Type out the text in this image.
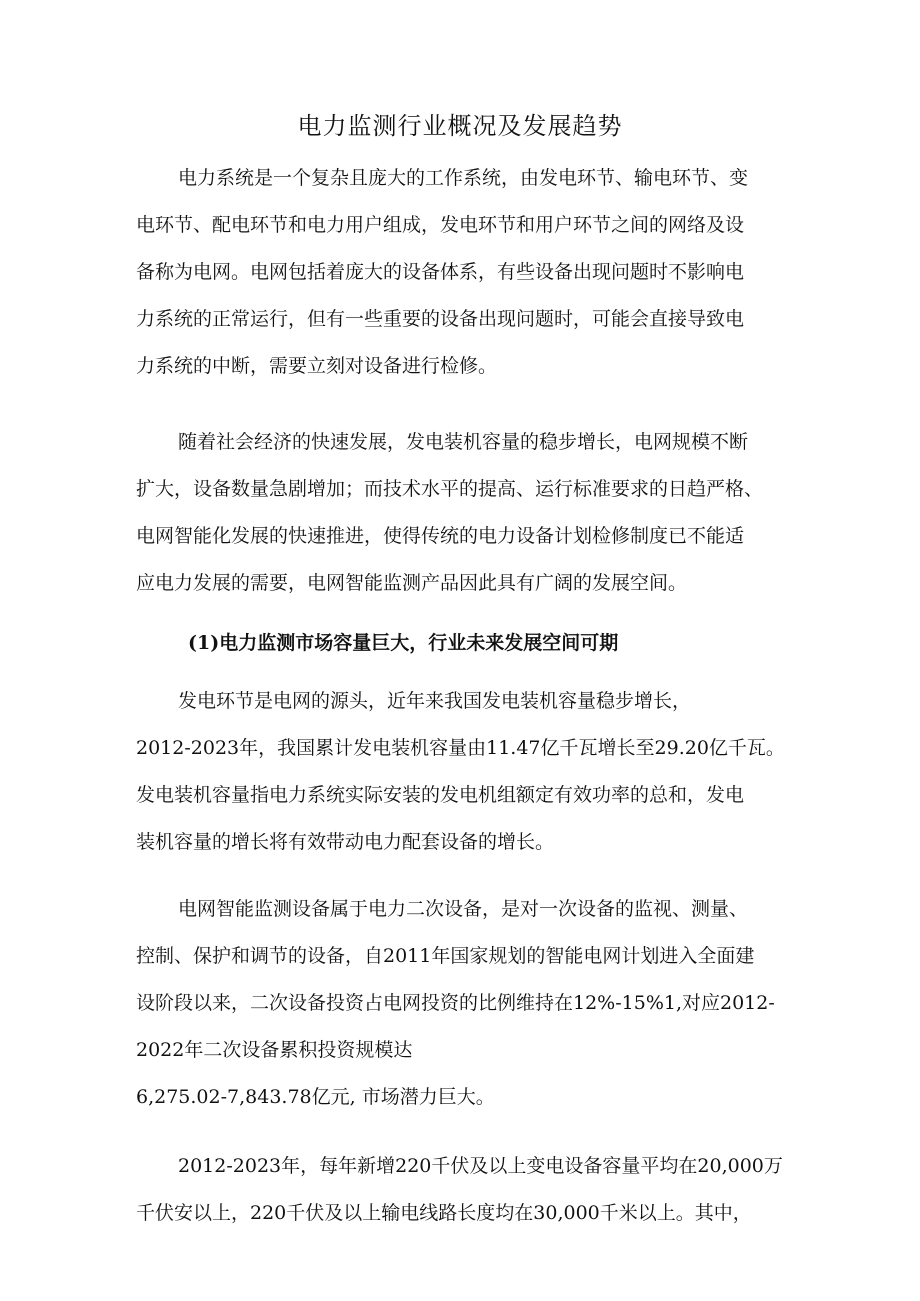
电力监测行业概况及发展趋势

电力系统是一个复杂且庞大的工作系统，由发电环节、输电环节、变

电环节、配电环节和电力用户组成，发电环节和用户环节之间的网络及设

备称为电网。电网包括着庞大的设备体系，有些设备出现问题时不影响电

力系统的正常运行，但有一些重要的设备出现问题时，可能会直接导致电

力系统的中断，需要立刻对设备进行检修。

随着社会经济的快速发展，发电装机容量的稳步增长，电网规模不断

扩大，设备数量急剧增加；而技术水平的提高、运行标准要求的日趋严格、

电网智能化发展的快速推进，使得传统的电力设备计划检修制度已不能适

应电力发展的需要，电网智能监测产品因此具有广阔的发展空间。

(1)电力监测市场容量巨大，行业未来发展空间可期

发电环节是电网的源头，近年来我国发电装机容量稳步增长，

2012-2023年，我国累计发电装机容量由11.47亿千瓦增长至29.20亿千瓦。

发电装机容量指电力系统实际安装的发电机组额定有效功率的总和，发电

装机容量的增长将有效带动电力配套设备的增长。

电网智能监测设备属于电力二次设备，是对一次设备的监视、测量、

控制、保护和调节的设备，自2011年国家规划的智能电网计划进入全面建

设阶段以来，二次设备投资占电网投资的比例维持在12%-15%1,对应2012-

2022年二次设备累积投资规模达

6,275.02-7,843.78亿元, 市场潜力巨大。

2012-2023年，每年新增220千伏及以上变电设备容量平均在20,000万

千伏安以上，220千伏及以上输电线路长度均在30,000千米以上。其中，
